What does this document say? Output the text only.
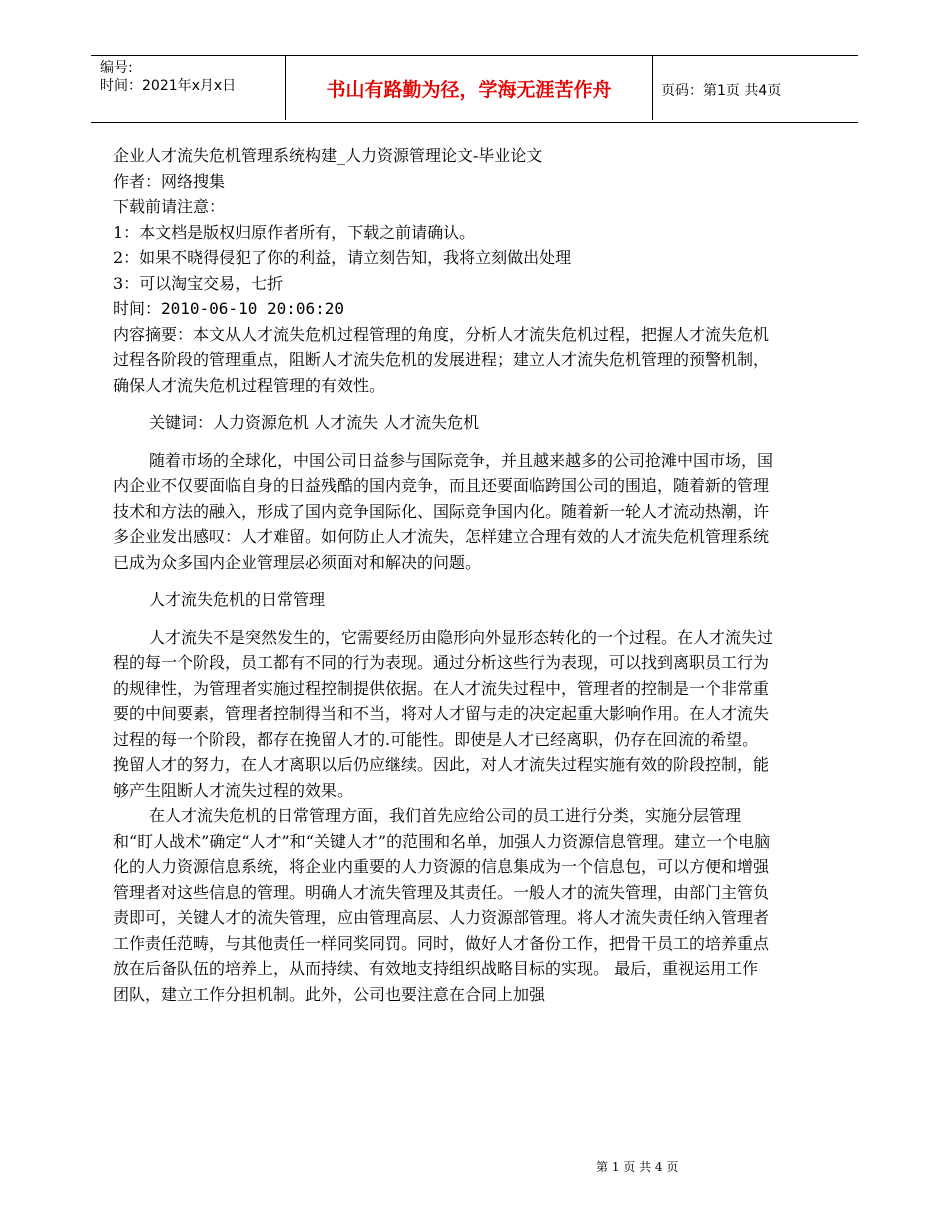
编号:
时间：2021年x月x日	书山有路勤为径，学海无涯苦作舟	页码：第1页 共4页

企业人才流失危机管理系统构建_人力资源管理论文-毕业论文

作者：网络搜集

下载前请注意：

1：本文档是版权归原作者所有，下载之前请确认。

2：如果不晓得侵犯了你的利益，请立刻告知，我将立刻做出处理

3：可以淘宝交易，七折

时间：2010-06-10 20:06:20

内容摘要：本文从人才流失危机过程管理的角度，分析人才流失危机过程，把握人才流失危机过程各阶段的管理重点，阻断人才流失危机的发展进程；建立人才流失危机管理的预警机制，确保人才流失危机过程管理的有效性。

关键词：人力资源危机 人才流失 人才流失危机

随着市场的全球化，中国公司日益参与国际竞争，并且越来越多的公司抢滩中国市场，国内企业不仅要面临自身的日益残酷的国内竞争，而且还要面临跨国公司的围追，随着新的管理技术和方法的融入，形成了国内竞争国际化、国际竞争国内化。随着新一轮人才流动热潮，许多企业发出感叹：人才难留。如何防止人才流失，怎样建立合理有效的人才流失危机管理系统已成为众多国内企业管理层必须面对和解决的问题。

人才流失危机的日常管理

人才流失不是突然发生的，它需要经历由隐形向外显形态转化的一个过程。在人才流失过程的每一个阶段，员工都有不同的行为表现。通过分析这些行为表现，可以找到离职员工行为的规律性，为管理者实施过程控制提供依据。在人才流失过程中，管理者的控制是一个非常重要的中间要素，管理者控制得当和不当，将对人才留与走的决定起重大影响作用。在人才流失过程的每一个阶段，都存在挽留人才的.可能性。即使是人才已经离职，仍存在回流的希望。挽留人才的努力，在人才离职以后仍应继续。因此，对人才流失过程实施有效的阶段控制，能够产生阻断人才流失过程的效果。

在人才流失危机的日常管理方面，我们首先应给公司的员工进行分类，实施分层管理和“盯人战术”确定“人才”和“关键人才”的范围和名单，加强人力资源信息管理。建立一个电脑化的人力资源信息系统，将企业内重要的人力资源的信息集成为一个信息包，可以方便和增强管理者对这些信息的管理。明确人才流失管理及其责任。一般人才的流失管理，由部门主管负责即可，关键人才的流失管理，应由管理高层、人力资源部管理。将人才流失责任纳入管理者工作责任范畴，与其他责任一样同奖同罚。同时，做好人才备份工作，把骨干员工的培养重点放在后备队伍的培养上，从而持续、有效地支持组织战略目标的实现。 最后，重视运用工作团队，建立工作分担机制。此外，公司也要注意在合同上加强

第 1 页 共 4 页
